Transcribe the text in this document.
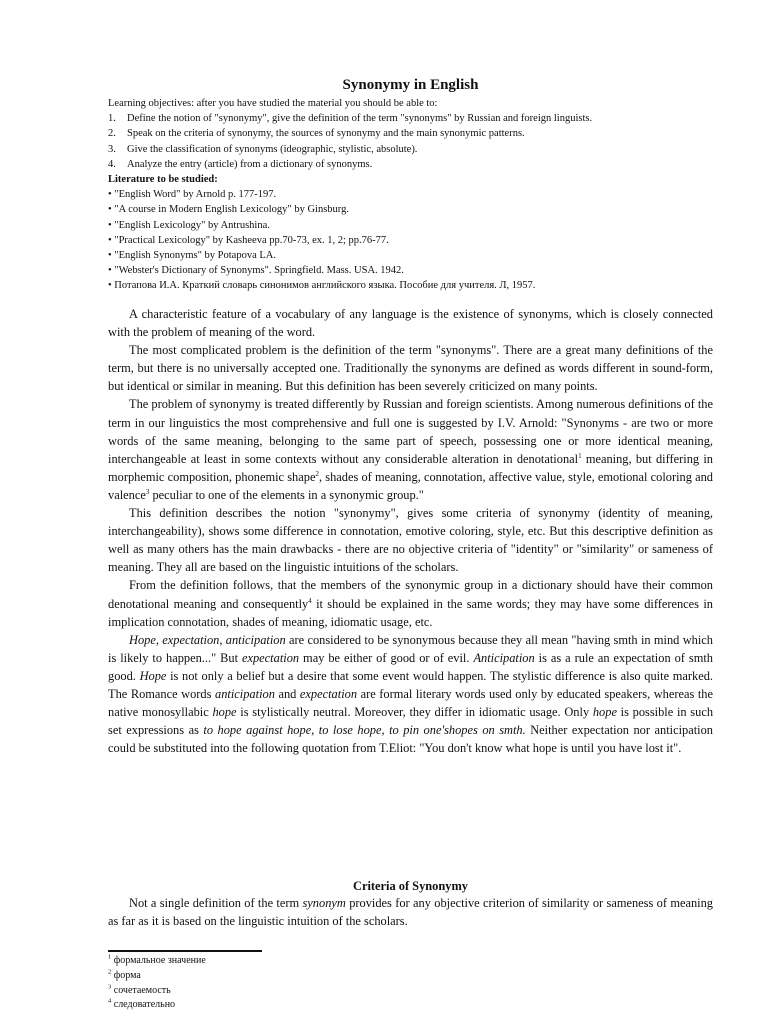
Synonymy in English
Learning objectives: after you have studied the material you should be able to:
1.	Define the notion of "synonymy", give the definition of the term "synonyms" by Russian and foreign linguists.
2.	Speak on the criteria of synonymy, the sources of synonymy and the main synonymic patterns.
3.	Give the classification of synonyms (ideographic, stylistic, absolute).
4.	Analyze the entry (article) from a dictionary of synonyms.
Literature to be studied:
• "English Word" by Arnold p. 177-197.
• "A course in Modern English Lexicology" by Ginsburg.
• "English Lexicology" by Antrushina.
• "Practical Lexicology" by Kasheeva pp.70-73, ex. 1, 2; pp.76-77.
• "English Synonyms" by Potapova LA.
• "Webster's Dictionary of Synonyms". Springfield. Mass. USA. 1942.
• Потапова И.А. Краткий словарь синонимов английского языка. Пособие для учителя. Л, 1957.

A characteristic feature of a vocabulary of any language is the existence of synonyms, which is closely connected with the problem of meaning of the word.

The most complicated problem is the definition of the term "synonyms". There are a great many definitions of the term, but there is no universally accepted one. Traditionally the synonyms are defined as words different in sound-form, but identical or similar in meaning. But this definition has been severely criticized on many points.

The problem of synonymy is treated differently by Russian and foreign scientists. Among numerous definitions of the term in our linguistics the most comprehensive and full one is suggested by I.V. Arnold: "Synonyms - are two or more words of the same meaning, belonging to the same part of speech, possessing one or more identical meaning, interchangeable at least in some contexts without any considerable alteration in denotational$^1$ meaning, but differing in morphemic composition, phonemic shape$^2$, shades of meaning, connotation, affective value, style, emotional coloring and valence$^3$ peculiar to one of the elements in a synonymic group."

This definition describes the notion "synonymy", gives some criteria of synonymy (identity of meaning, interchangeability), shows some difference in connotation, emotive coloring, style, etc. But this descriptive definition as well as many others has the main drawbacks - there are no objective criteria of "identity" or "similarity" or sameness of meaning. They all are based on the linguistic intuitions of the scholars.

From the definition follows, that the members of the synonymic group in a dictionary should have their common denotational meaning and consequently$^4$ it should be explained in the same words; they may have some differences in implication connotation, shades of meaning, idiomatic usage, etc.

Hope, expectation, anticipation are considered to be synonymous because they all mean "having smth in mind which is likely to happen..." But expectation may be either of good or of evil. Anticipation is as a rule an expectation of smth good. Hope is not only a belief but a desire that some event would happen. The stylistic difference is also quite marked. The Romance words anticipation and expectation are formal literary words used only by educated speakers, whereas the native monosyllabic hope is stylistically neutral. Moreover, they differ in idiomatic usage. Only hope is possible in such set expressions as to hope against hope, to lose hope, to pin one'shopes on smth. Neither expectation nor anticipation could be substituted into the following quotation from T.Eliot: "You don't know what hope is until you have lost it".

Criteria of Synonymy

Not a single definition of the term synonym provides for any objective criterion of similarity or sameness of meaning as far as it is based on the linguistic intuition of the scholars.

$^1$ формальное значение
$^2$ форма
$^3$ сочетаемость
$^4$ следовательно
